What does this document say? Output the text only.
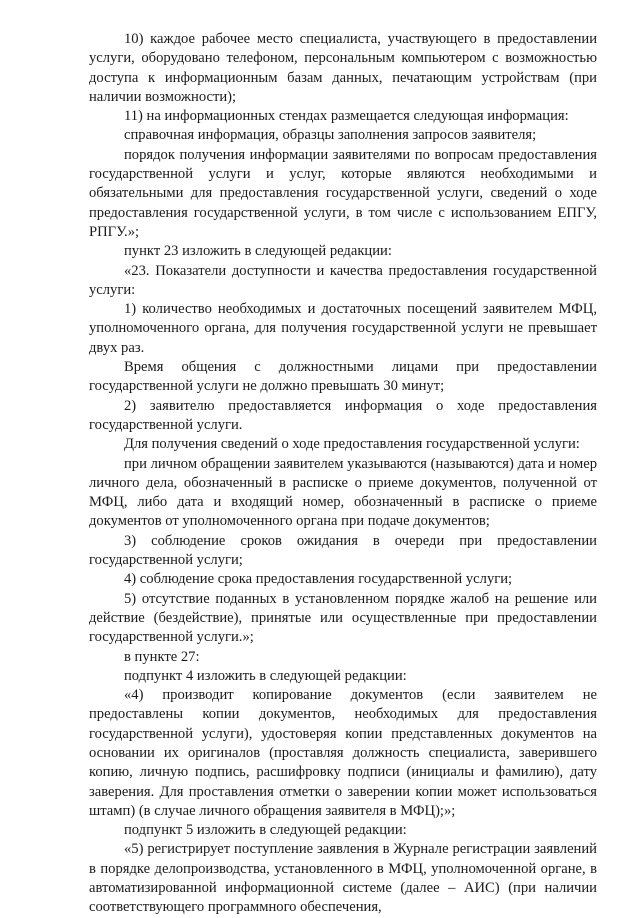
10) каждое рабочее место специалиста, участвующего в предоставлении услуги, оборудовано телефоном, персональным компьютером с возможностью доступа к информационным базам данных, печатающим устройствам (при наличии возможности);

11) на информационных стендах размещается следующая информация:

справочная информация, образцы заполнения запросов заявителя;

порядок получения информации заявителями по вопросам предоставления государственной услуги и услуг, которые являются необходимыми и обязательными для предоставления государственной услуги, сведений о ходе предоставления государственной услуги, в том числе с использованием ЕПГУ, РПГУ.»;

пункт 23 изложить в следующей редакции:

«23. Показатели доступности и качества предоставления государственной услуги:

1) количество необходимых и достаточных посещений заявителем МФЦ, уполномоченного органа, для получения государственной услуги не превышает двух раз.

Время общения с должностными лицами при предоставлении государственной услуги не должно превышать 30 минут;

2) заявителю предоставляется информация о ходе предоставления государственной услуги.

Для получения сведений о ходе предоставления государственной услуги:

при личном обращении заявителем указываются (называются) дата и номер личного дела, обозначенный в расписке о приеме документов, полученной от МФЦ, либо дата и входящий номер, обозначенный в расписке о приеме документов от уполномоченного органа при подаче документов;

3) соблюдение сроков ожидания в очереди при предоставлении государственной услуги;

4) соблюдение срока предоставления государственной услуги;

5) отсутствие поданных в установленном порядке жалоб на решение или действие (бездействие), принятые или осуществленные при предоставлении государственной услуги.»;

в пункте 27:

подпункт 4 изложить в следующей редакции:

«4) производит копирование документов (если заявителем не предоставлены копии документов, необходимых для предоставления государственной услуги), удостоверяя копии представленных документов на основании их оригиналов (проставляя должность специалиста, заверившего копию, личную подпись, расшифровку подписи (инициалы и фамилию), дату заверения. Для проставления отметки о заверении копии может использоваться штамп) (в случае личного обращения заявителя в МФЦ);»;

подпункт 5 изложить в следующей редакции:

«5) регистрирует поступление заявления в Журнале регистрации заявлений в порядке делопроизводства, установленного в МФЦ, уполномоченной органе, в автоматизированной информационной системе (далее – АИС) (при наличии соответствующего программного обеспечения,
